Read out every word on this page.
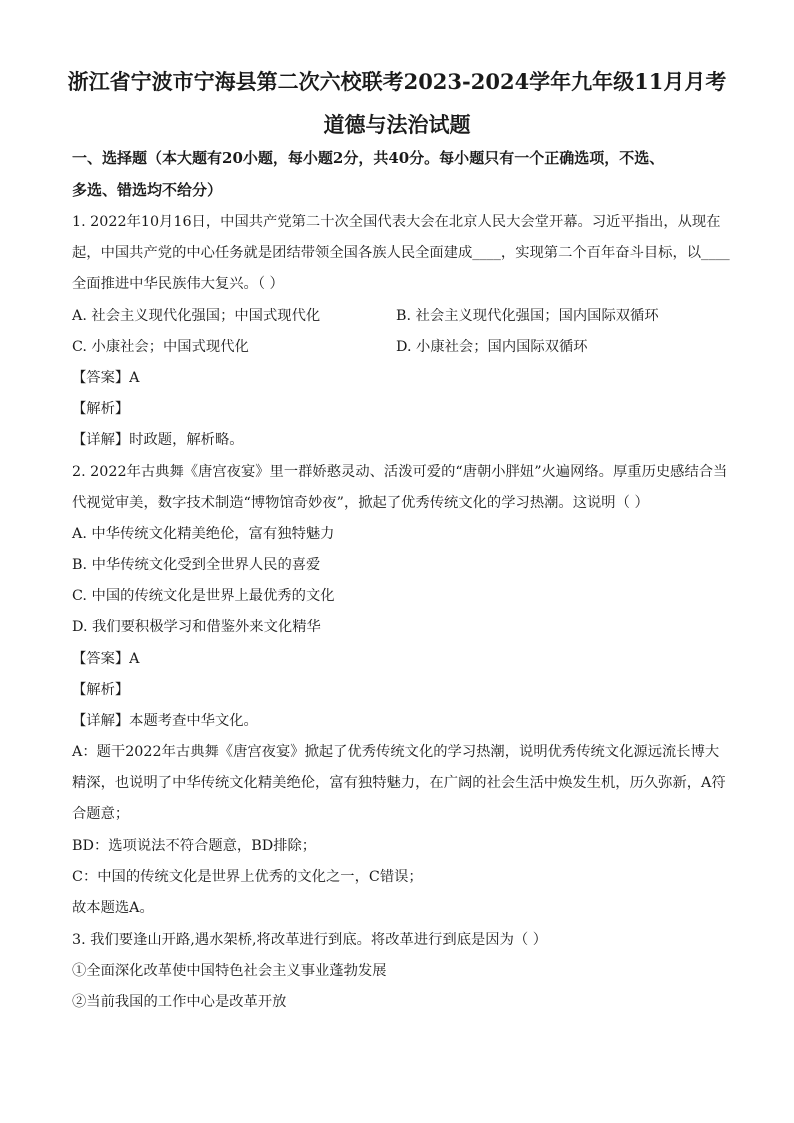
浙江省宁波市宁海县第二次六校联考2023-2024学年九年级11月月考
道德与法治试题
一、选择题（本大题有20小题，每小题2分，共40分。每小题只有一个正确选项，不选、
多选、错选均不给分）
1. 2022年10月16日，中国共产党第二十次全国代表大会在北京人民大会堂开幕。习近平指出，从现在
起，中国共产党的中心任务就是团结带领全国各族人民全面建成____，实现第二个百年奋斗目标，以____
全面推进中华民族伟大复兴。（ ）
A. 社会主义现代化强国；中国式现代化	B. 社会主义现代化强国；国内国际双循环
C. 小康社会；中国式现代化	D. 小康社会；国内国际双循环
【答案】A
【解析】
【详解】时政题，解析略。
2. 2022年古典舞《唐宫夜宴》里一群娇憨灵动、活泼可爱的“唐朝小胖妞”火遍网络。厚重历史感结合当
代视觉审美，数字技术制造“博物馆奇妙夜”，掀起了优秀传统文化的学习热潮。这说明（ ）
A. 中华传统文化精美绝伦，富有独特魅力
B. 中华传统文化受到全世界人民的喜爱
C. 中国的传统文化是世界上最优秀的文化
D. 我们要积极学习和借鉴外来文化精华
【答案】A
【解析】
【详解】本题考查中华文化。
A：题干2022年古典舞《唐宫夜宴》掀起了优秀传统文化的学习热潮，说明优秀传统文化源远流长博大
精深，也说明了中华传统文化精美绝伦，富有独特魅力，在广阔的社会生活中焕发生机，历久弥新，A符
合题意；
BD：选项说法不符合题意，BD排除；
C：中国的传统文化是世界上优秀的文化之一，C错误；
故本题选A。
3. 我们要逢山开路,遇水架桥,将改革进行到底。将改革进行到底是因为（ ）
①全面深化改革使中国特色社会主义事业蓬勃发展
②当前我国的工作中心是改革开放
